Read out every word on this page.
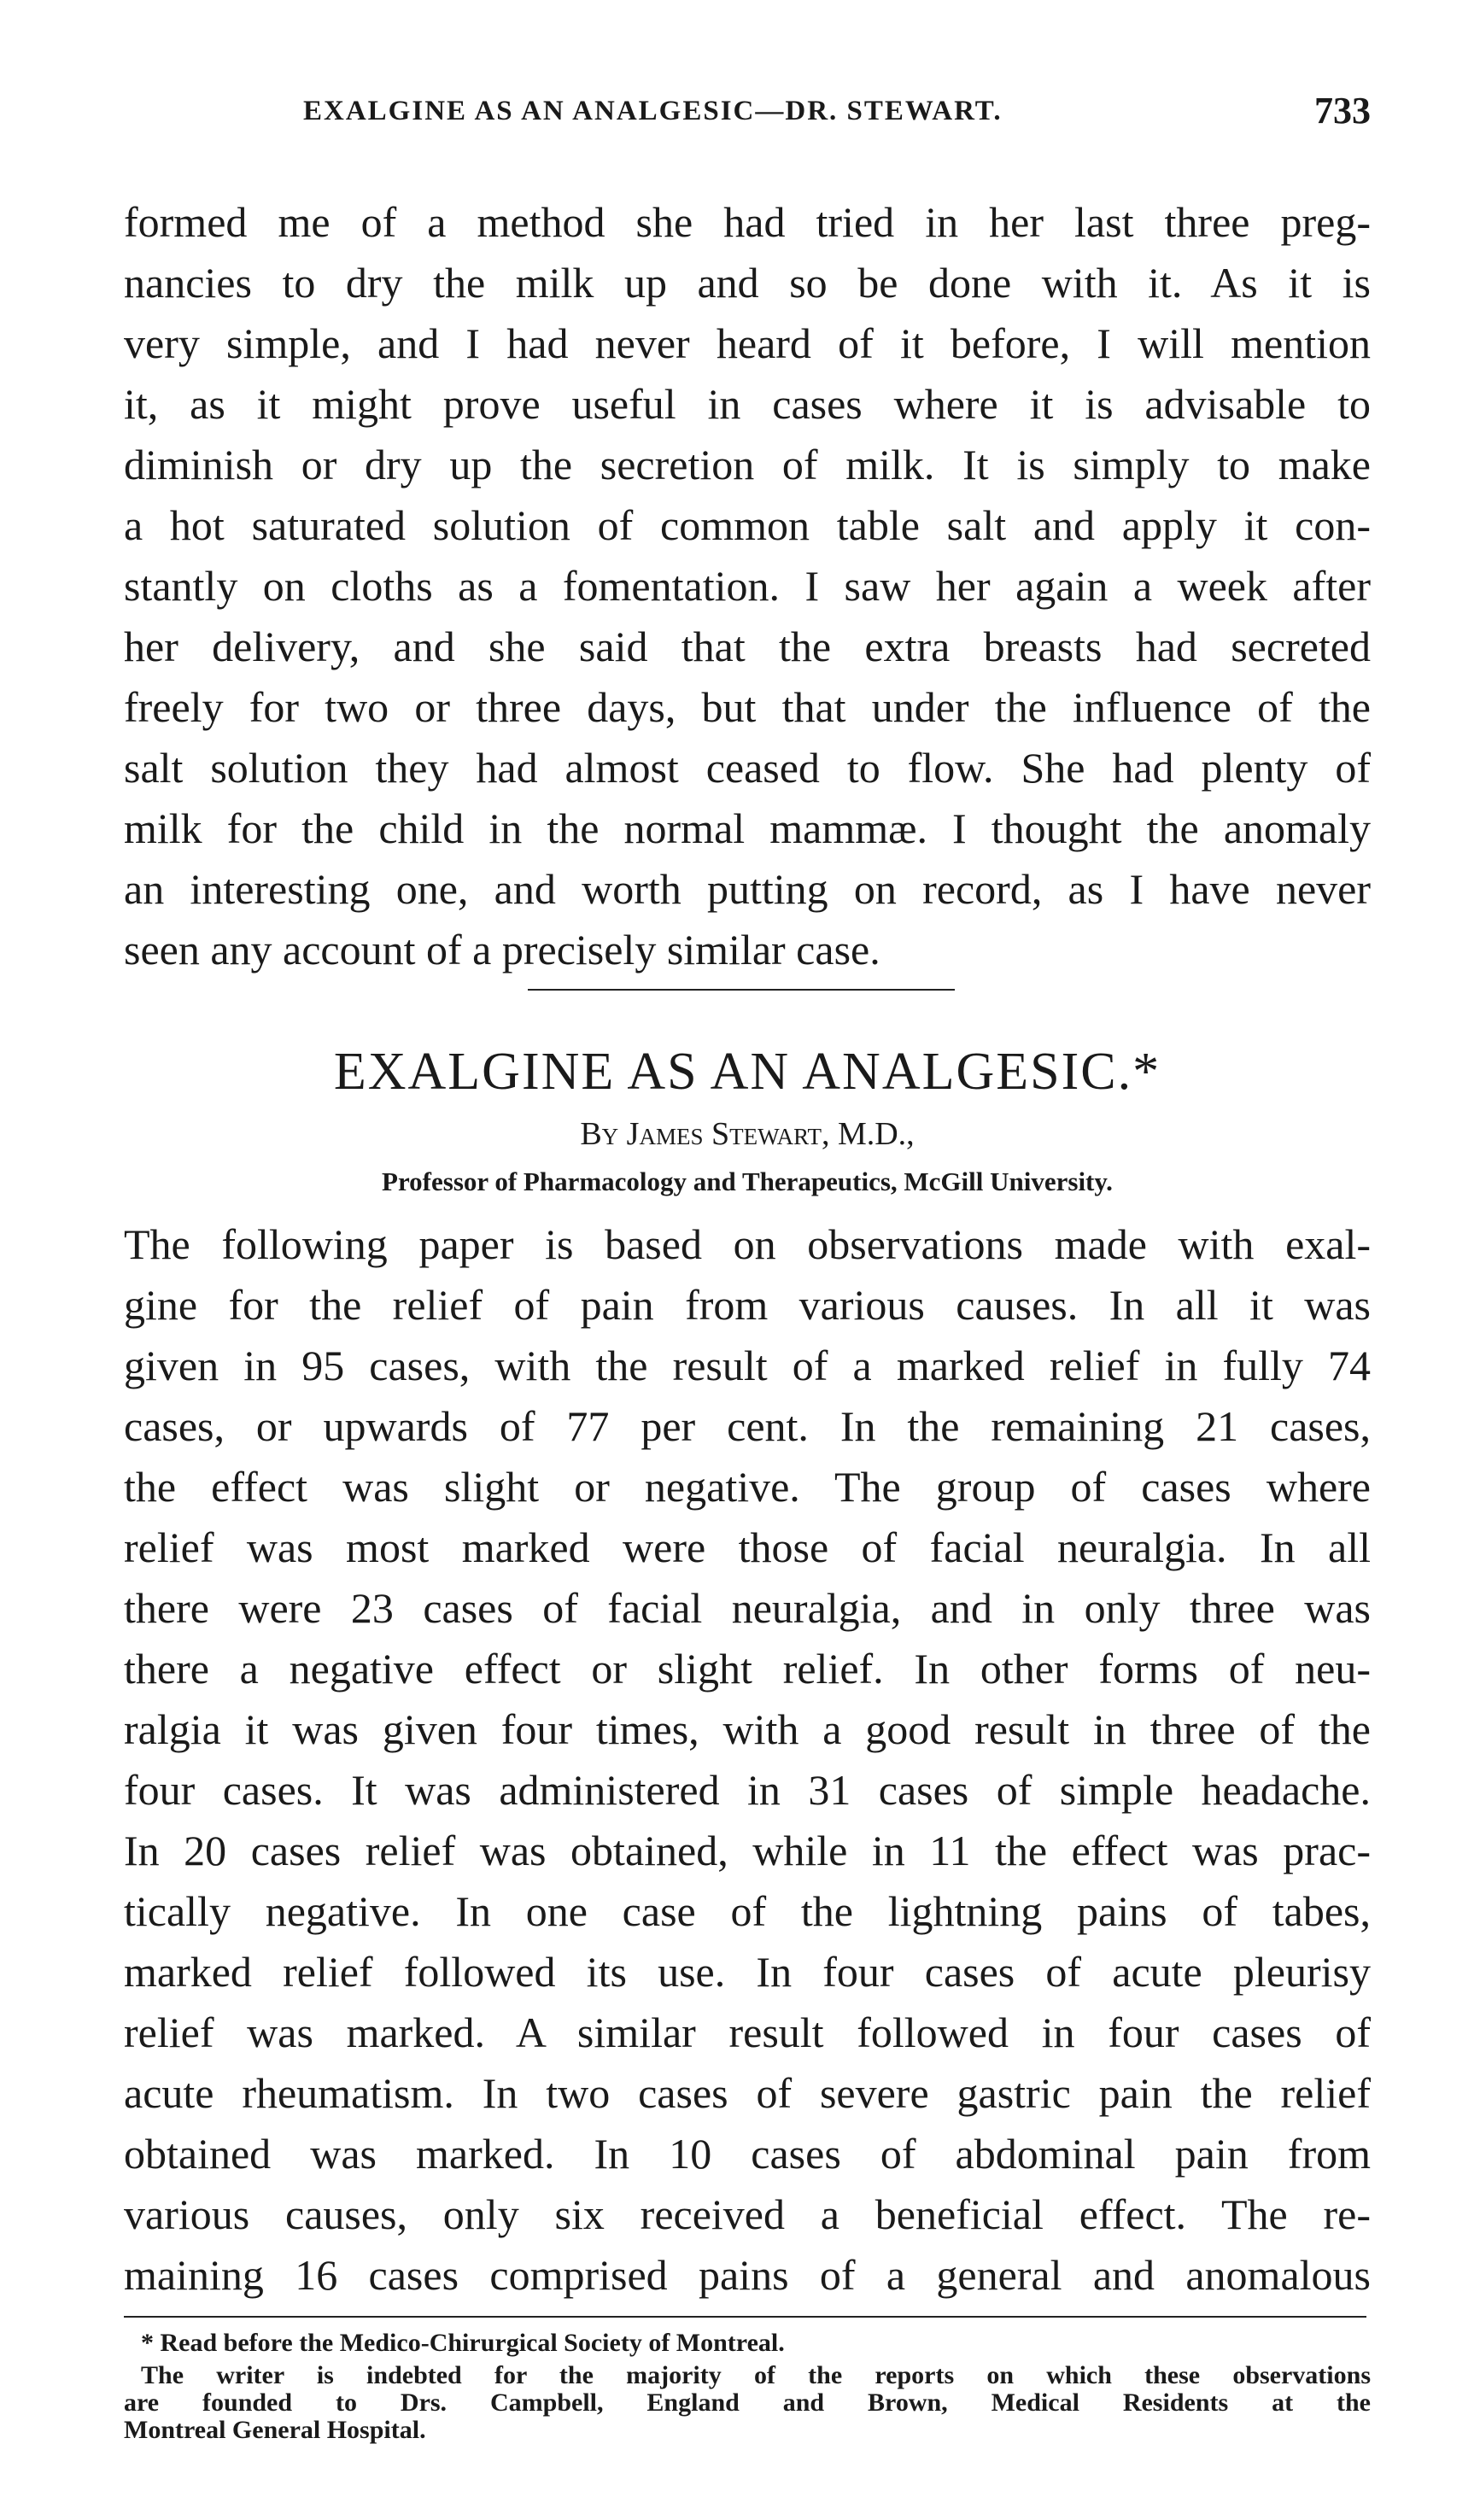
EXALGINE AS AN ANALGESIC—DR. STEWART.	733
formed me of a method she had tried in her last three preg-
nancies to dry the milk up and so be done with it. As it is
very simple, and I had never heard of it before, I will mention
it, as it might prove useful in cases where it is advisable to
diminish or dry up the secretion of milk. It is simply to make
a hot saturated solution of common table salt and apply it con-
stantly on cloths as a fomentation. I saw her again a week after
her delivery, and she said that the extra breasts had secreted
freely for two or three days, but that under the influence of the
salt solution they had almost ceased to flow. She had plenty of
milk for the child in the normal mammæ. I thought the anomaly
an interesting one, and worth putting on record, as I have never
seen any account of a precisely similar case.
EXALGINE AS AN ANALGESIC.*
By James Stewart, M.D.,
Professor of Pharmacology and Therapeutics, McGill University.
The following paper is based on observations made with exal-
gine for the relief of pain from various causes. In all it was
given in 95 cases, with the result of a marked relief in fully 74
cases, or upwards of 77 per cent. In the remaining 21 cases,
the effect was slight or negative. The group of cases where
relief was most marked were those of facial neuralgia. In all
there were 23 cases of facial neuralgia, and in only three was
there a negative effect or slight relief. In other forms of neu-
ralgia it was given four times, with a good result in three of the
four cases. It was administered in 31 cases of simple headache.
In 20 cases relief was obtained, while in 11 the effect was prac-
tically negative. In one case of the lightning pains of tabes,
marked relief followed its use. In four cases of acute pleurisy
relief was marked. A similar result followed in four cases of
acute rheumatism. In two cases of severe gastric pain the relief
obtained was marked. In 10 cases of abdominal pain from
various causes, only six received a beneficial effect. The re-
maining 16 cases comprised pains of a general and anomalous
* Read before the Medico-Chirurgical Society of Montreal.
The writer is indebted for the majority of the reports on which these observations
are founded to Drs. Campbell, England and Brown, Medical Residents at the
Montreal General Hospital.
